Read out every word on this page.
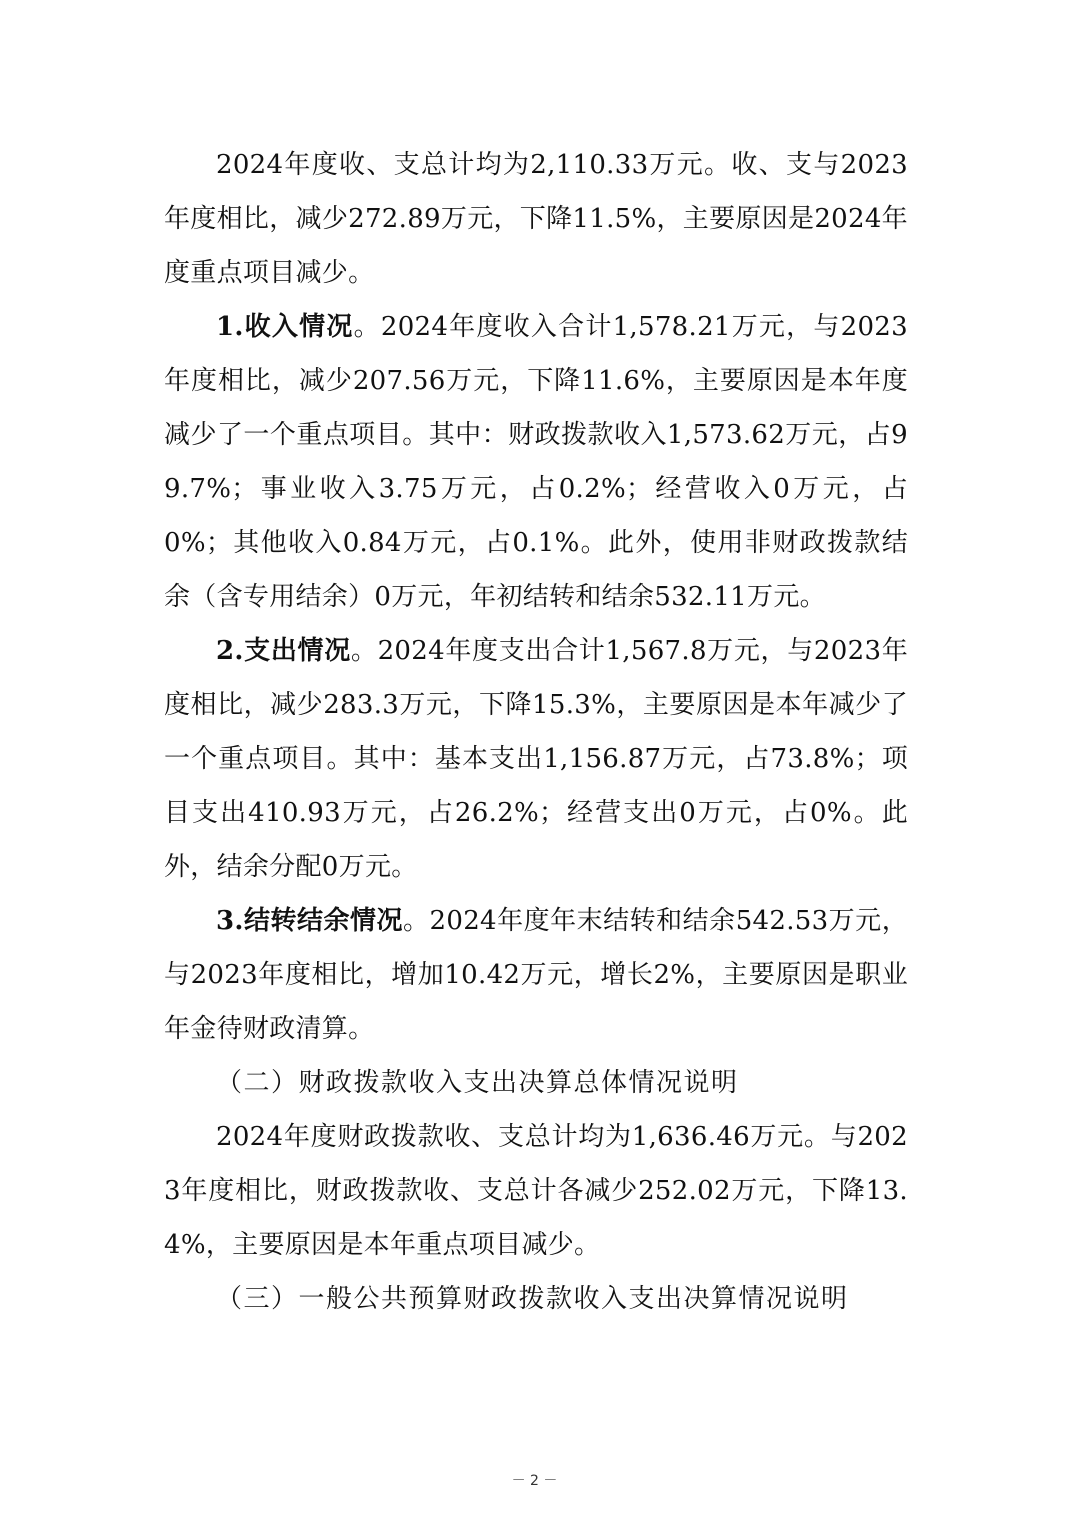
2024年度收、支总计均为2,110.33万元。收、支与2023年度相比，减少272.89万元，下降11.5%，主要原因是2024年度重点项目减少。

1.收入情况。2024年度收入合计1,578.21万元，与2023年度相比，减少207.56万元，下降11.6%，主要原因是本年度减少了一个重点项目。其中：财政拨款收入1,573.62万元，占99.7%；事业收入3.75万元，占0.2%；经营收入0万元，占0%；其他收入0.84万元，占0.1%。此外，使用非财政拨款结余（含专用结余）0万元，年初结转和结余532.11万元。

2.支出情况。2024年度支出合计1,567.8万元，与2023年度相比，减少283.3万元，下降15.3%，主要原因是本年减少了一个重点项目。其中：基本支出1,156.87万元，占73.8%；项目支出410.93万元，占26.2%；经营支出0万元，占0%。此外，结余分配0万元。

3.结转结余情况。2024年度年末结转和结余542.53万元，与2023年度相比，增加10.42万元，增长2%，主要原因是职业年金待财政清算。

（二）财政拨款收入支出决算总体情况说明

2024年度财政拨款收、支总计均为1,636.46万元。与2023年度相比，财政拨款收、支总计各减少252.02万元，下降13.4%，主要原因是本年重点项目减少。

（三）一般公共预算财政拨款收入支出决算情况说明

－ 2 －
